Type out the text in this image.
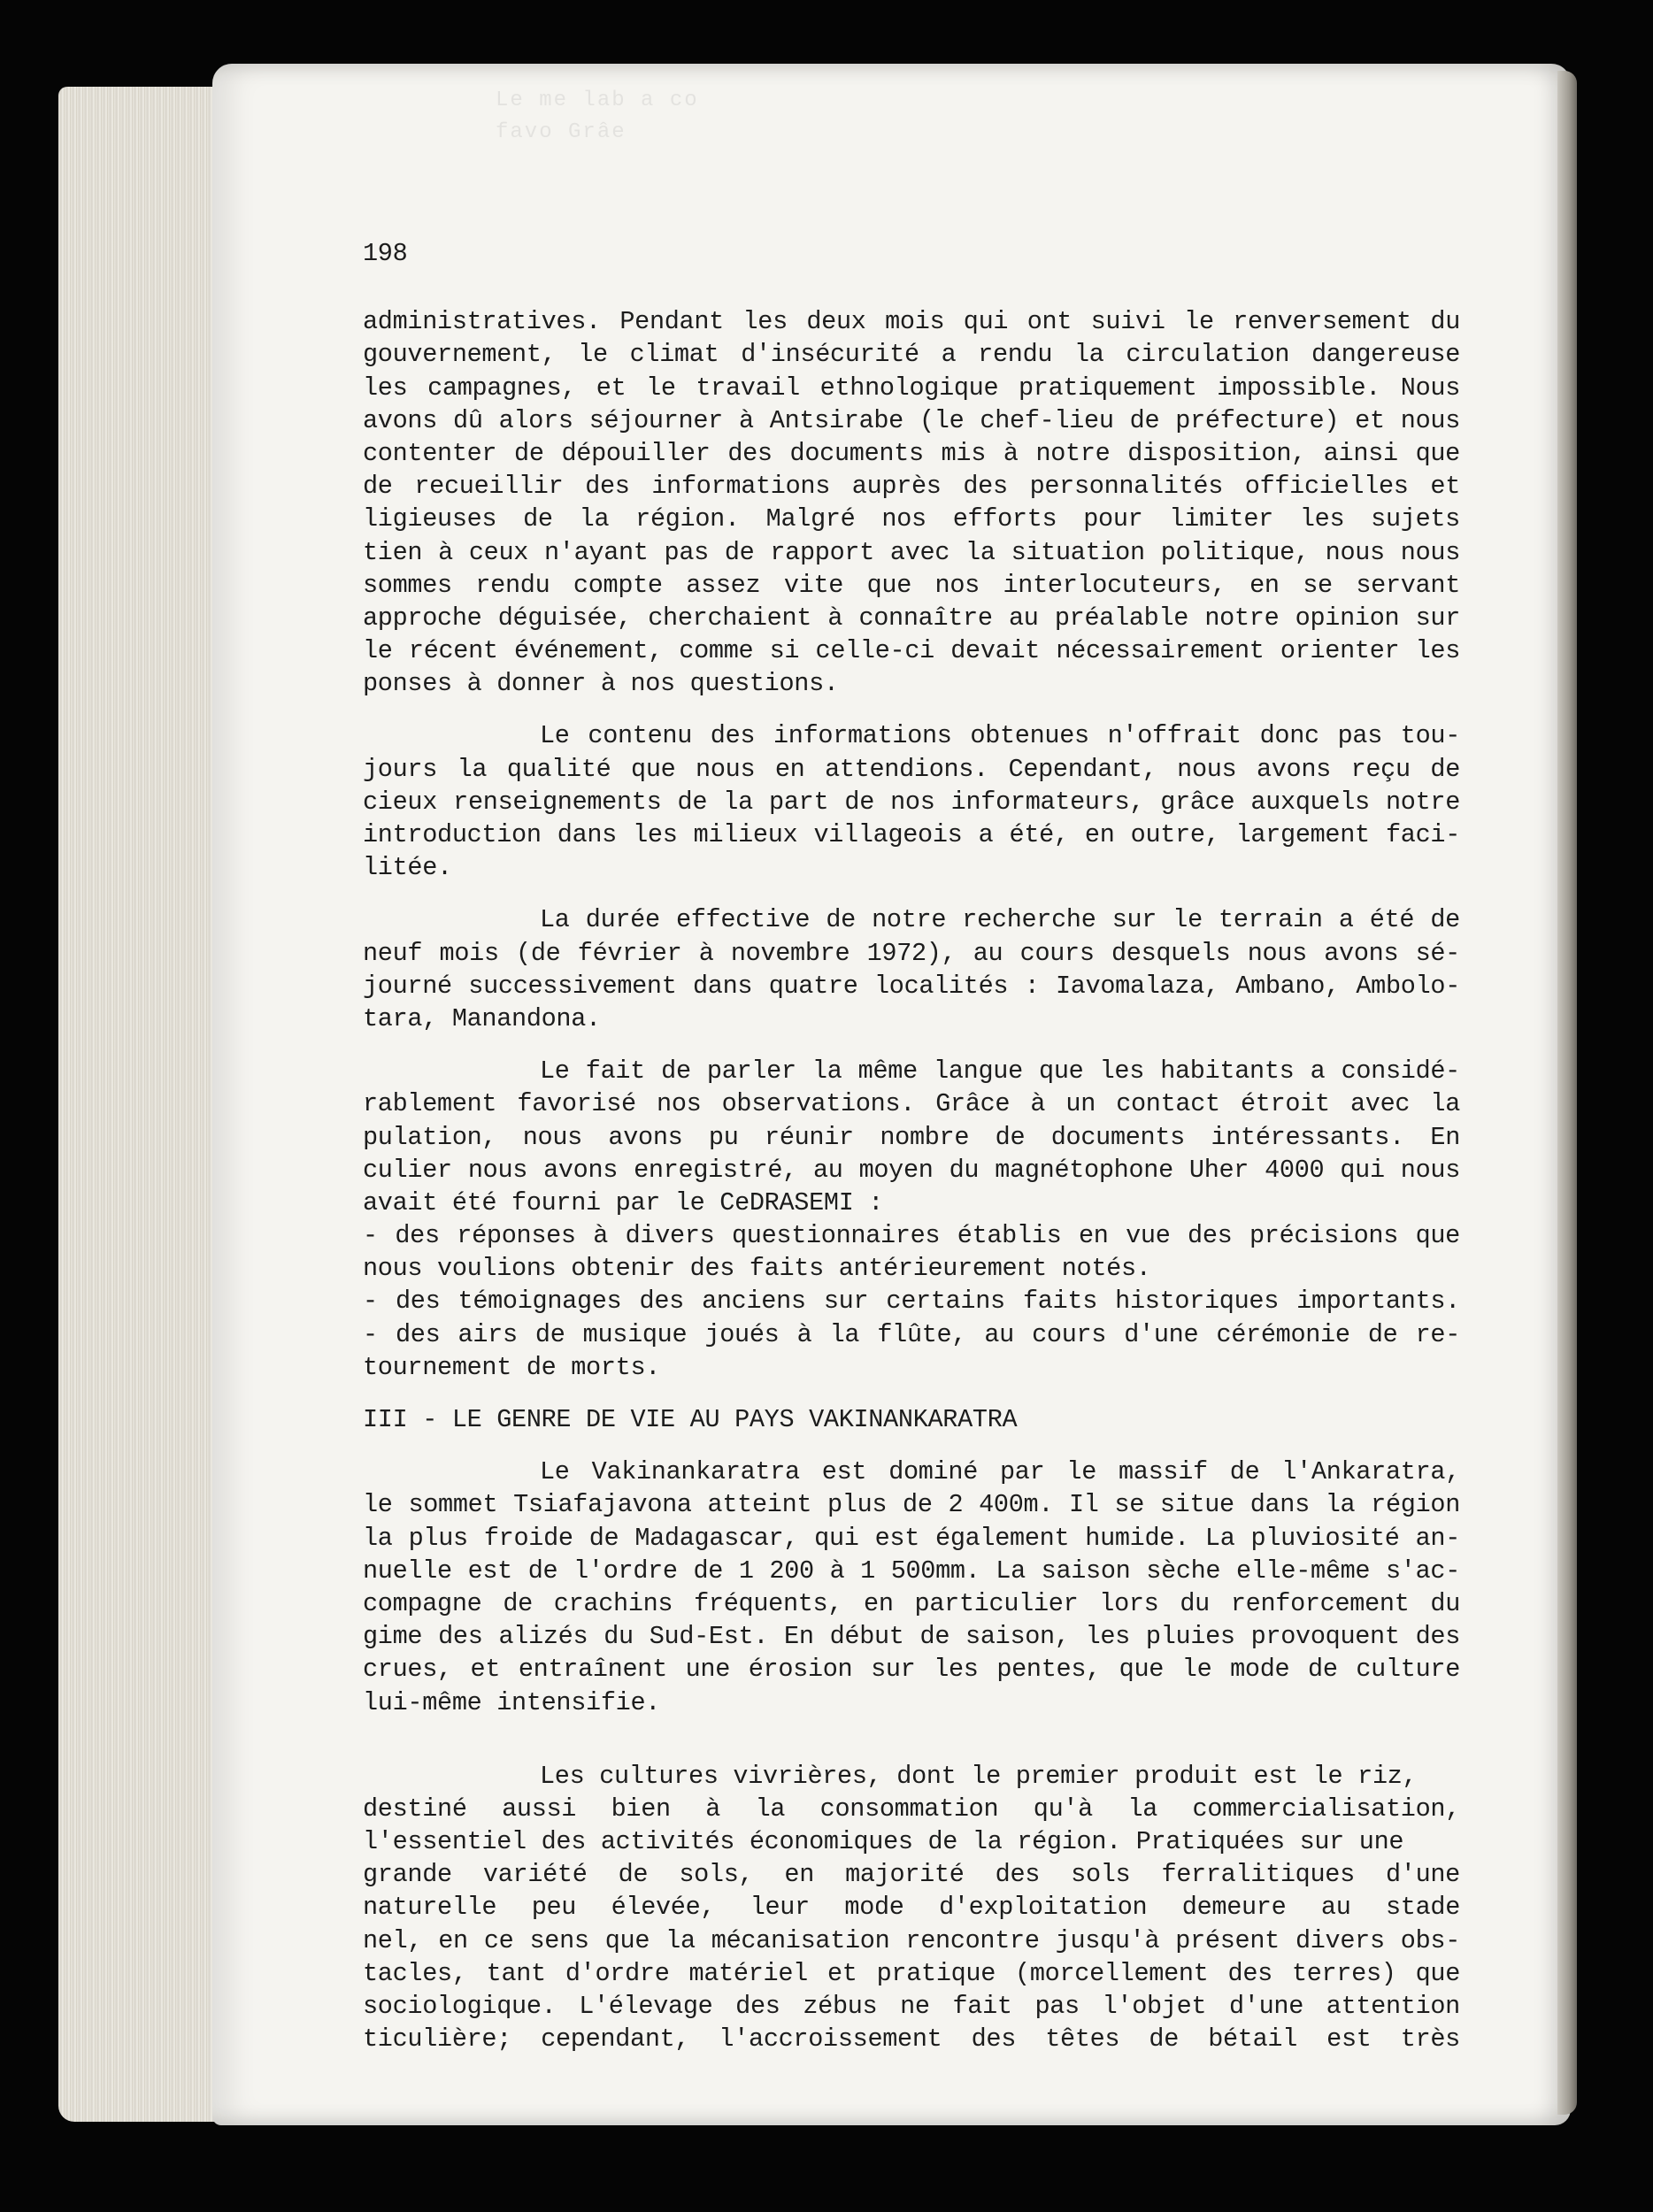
Le me lab a co
favo Grâe
198
administratives. Pendant les deux mois qui ont suivi le renversement du
gouvernement, le climat d'insécurité a rendu la circulation dangereuse
les campagnes, et le travail ethnologique pratiquement impossible. Nous
avons dû alors séjourner à Antsirabe (le chef-lieu de préfecture) et nous
contenter de dépouiller des documents mis à notre disposition, ainsi que
de recueillir des informations auprès des personnalités officielles et
ligieuses de la région. Malgré nos efforts pour limiter les sujets
tien à ceux n'ayant pas de rapport avec la situation politique, nous nous
sommes rendu compte assez vite que nos interlocuteurs, en se servant
approche déguisée, cherchaient à connaître au préalable notre opinion sur
le récent événement, comme si celle-ci devait nécessairement orienter les
ponses à donner à nos questions.
Le contenu des informations obtenues n'offrait donc pas tou-
jours la qualité que nous en attendions. Cependant, nous avons reçu de
cieux renseignements de la part de nos informateurs, grâce auxquels notre
introduction dans les milieux villageois a été, en outre, largement faci-
litée.
La durée effective de notre recherche sur le terrain a été de
neuf mois (de février à novembre 1972), au cours desquels nous avons sé-
journé successivement dans quatre localités : Iavomalaza, Ambano, Ambolo-
tara, Manandona.
Le fait de parler la même langue que les habitants a considé-
rablement favorisé nos observations. Grâce à un contact étroit avec la
pulation, nous avons pu réunir nombre de documents intéressants. En
culier nous avons enregistré, au moyen du magnétophone Uher 4000 qui nous
avait été fourni par le CeDRASEMI :
- des réponses à divers questionnaires établis en vue des précisions que
nous voulions obtenir des faits antérieurement notés.
- des témoignages des anciens sur certains faits historiques importants.
- des airs de musique joués à la flûte, au cours d'une cérémonie de re-
tournement de morts.
III - LE GENRE DE VIE AU PAYS VAKINANKARATRA
Le Vakinankaratra est dominé par le massif de l'Ankaratra,
le sommet Tsiafajavona atteint plus de 2 400m. Il se situe dans la région
la plus froide de Madagascar, qui est également humide. La pluviosité an-
nuelle est de l'ordre de 1 200 à 1 500mm. La saison sèche elle-même s'ac-
compagne de crachins fréquents, en particulier lors du renforcement du
gime des alizés du Sud-Est. En début de saison, les pluies provoquent des
crues, et entraînent une érosion sur les pentes, que le mode de culture
lui-même intensifie.
Les cultures vivrières, dont le premier produit est le riz,
destiné aussi bien à la consommation qu'à la commercialisation,
l'essentiel des activités économiques de la région. Pratiquées sur une
grande variété de sols, en majorité des sols ferralitiques d'une
naturelle peu élevée, leur mode d'exploitation demeure au stade
nel, en ce sens que la mécanisation rencontre jusqu'à présent divers obs-
tacles, tant d'ordre matériel et pratique (morcellement des terres) que
sociologique. L'élevage des zébus ne fait pas l'objet d'une attention
ticulière; cependant, l'accroissement des têtes de bétail est très
